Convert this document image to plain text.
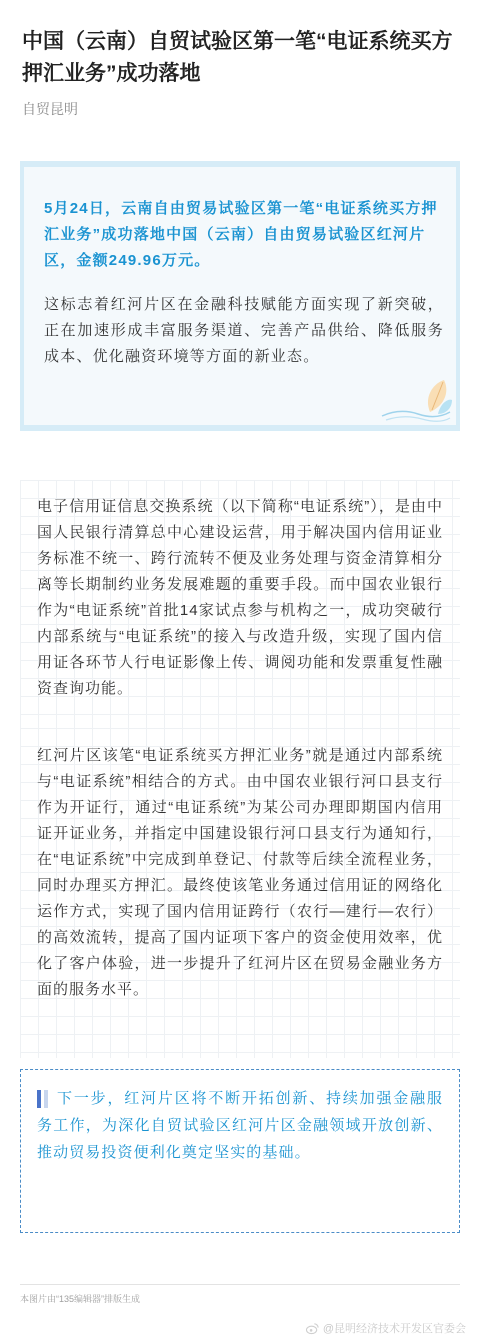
中国（云南）自贸试验区第一笔“电证系统买方押汇业务”成功落地
自贸昆明
5月24日，云南自由贸易试验区第一笔“电证系统买方押汇业务”成功落地中国（云南）自由贸易试验区红河片区，金额249.96万元。
这标志着红河片区在金融科技赋能方面实现了新突破，正在加速形成丰富服务渠道、完善产品供给、降低服务成本、优化融资环境等方面的新业态。
电子信用证信息交换系统（以下简称“电证系统”），是由中国人民银行清算总中心建设运营，用于解决国内信用证业务标准不统一、跨行流转不便及业务处理与资金清算相分离等长期制约业务发展难题的重要手段。而中国农业银行作为“电证系统”首批14家试点参与机构之一，成功突破行内部系统与“电证系统”的接入与改造升级，实现了国内信用证各环节人行电证影像上传、调阅功能和发票重复性融资查询功能。
红河片区该笔“电证系统买方押汇业务”就是通过内部系统与“电证系统”相结合的方式。由中国农业银行河口县支行作为开证行，通过“电证系统”为某公司办理即期国内信用证开证业务，并指定中国建设银行河口县支行为通知行，在“电证系统”中完成到单登记、付款等后续全流程业务，同时办理买方押汇。最终使该笔业务通过信用证的网络化运作方式，实现了国内信用证跨行（农行—建行—农行）的高效流转，提高了国内证项下客户的资金使用效率，优化了客户体验，进一步提升了红河片区在贸易金融业务方面的服务水平。
下一步，红河片区将不断开拓创新、持续加强金融服务工作，为深化自贸试验区红河片区金融领域开放创新、推动贸易投资便利化奠定坚实的基础。
本图片由“135编辑器”排版生成
@昆明经济技术开发区官委会
